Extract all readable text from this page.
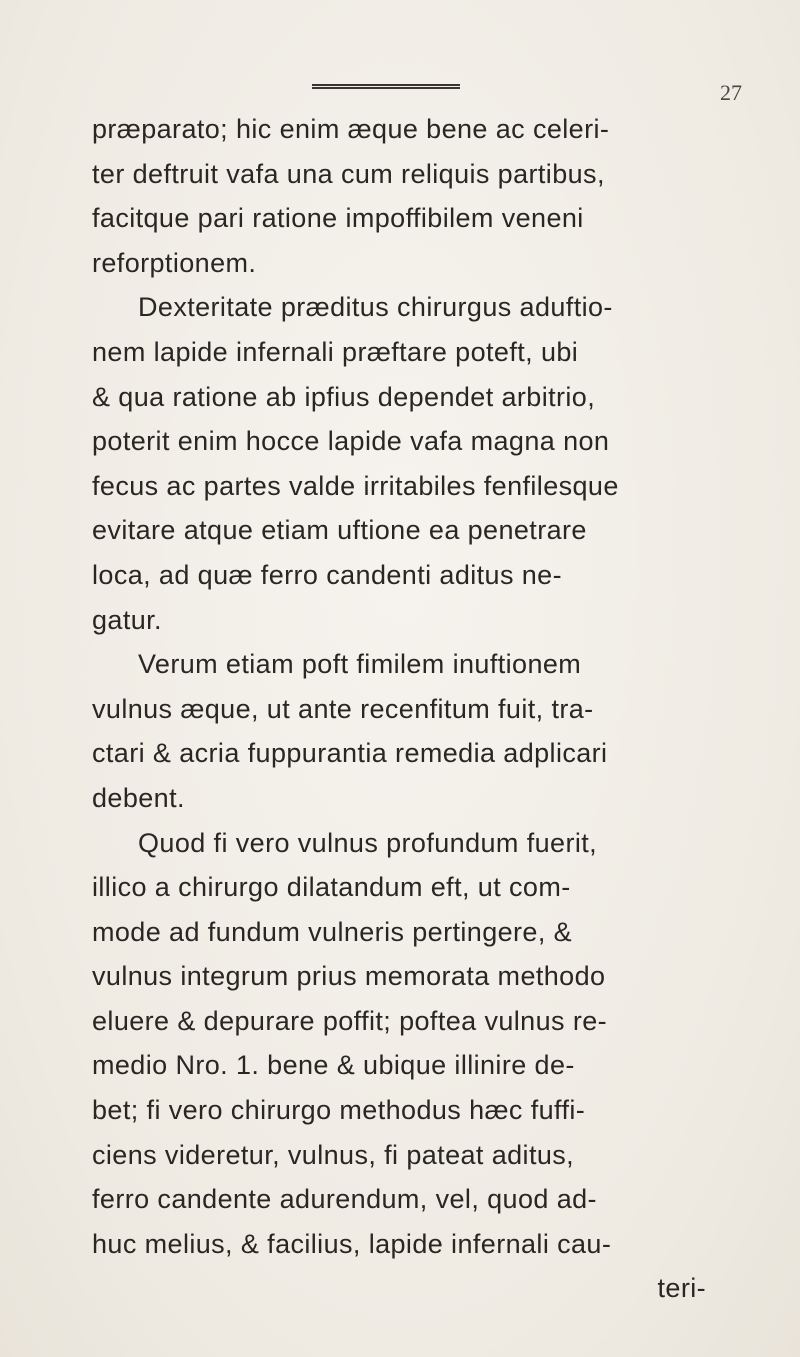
27
præparato; hic enim æque bene ac celeri-
ter deftruit vafa una cum reliquis partibus,
facitque pari ratione impoffibilem veneni
reforptionem.
Dexteritate præditus chirurgus aduftio-
nem lapide infernali præftare poteft, ubi
& qua ratione ab ipfius dependet arbitrio,
poterit enim hocce lapide vafa magna non
fecus ac partes valde irritabiles fenfilesque
evitare atque etiam uftione ea penetrare
loca, ad quæ ferro candenti aditus ne-
gatur.
Verum etiam poft fimilem inuftionem
vulnus æque, ut ante recenfitum fuit, tra-
ctari & acria fuppurantia remedia adplicari
debent.
Quod fi vero vulnus profundum fuerit,
illico a chirurgo dilatandum eft, ut com-
mode ad fundum vulneris pertingere, &
vulnus integrum prius memorata methodo
eluere & depurare poffit; poftea vulnus re-
medio Nro. 1. bene & ubique illinire de-
bet; fi vero chirurgo methodus hæc fuffi-
ciens videretur, vulnus, fi pateat aditus,
ferro candente adurendum, vel, quod ad-
huc melius, & facilius, lapide infernali cau-
teri-
